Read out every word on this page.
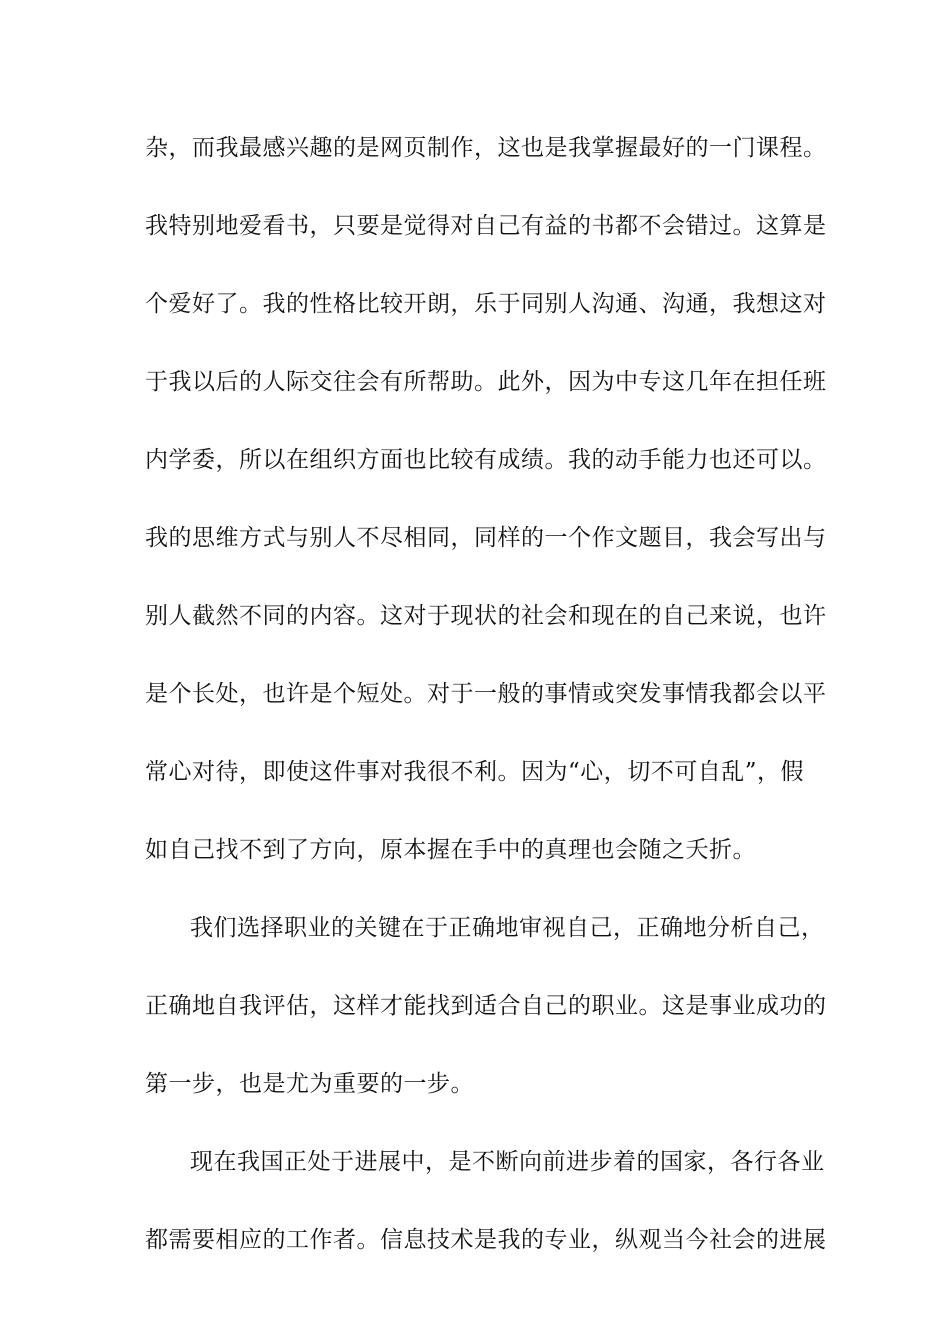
杂，而我最感兴趣的是网页制作，这也是我掌握最好的一门课程。
我特别地爱看书，只要是觉得对自己有益的书都不会错过。这算是
个爱好了。我的性格比较开朗，乐于同别人沟通、沟通，我想这对
于我以后的人际交往会有所帮助。此外，因为中专这几年在担任班
内学委，所以在组织方面也比较有成绩。我的动手能力也还可以。
我的思维方式与别人不尽相同，同样的一个作文题目，我会写出与
别人截然不同的内容。这对于现状的社会和现在的自己来说，也许
是个长处，也许是个短处。对于一般的事情或突发事情我都会以平
常心对待，即使这件事对我很不利。因为“心，切不可自乱”，假
如自己找不到了方向，原本握在手中的真理也会随之夭折。
我们选择职业的关键在于正确地审视自己，正确地分析自己，
正确地自我评估，这样才能找到适合自己的职业。这是事业成功的
第一步，也是尤为重要的一步。
现在我国正处于进展中，是不断向前进步着的国家，各行各业
都需要相应的工作者。信息技术是我的专业，纵观当今社会的进展
